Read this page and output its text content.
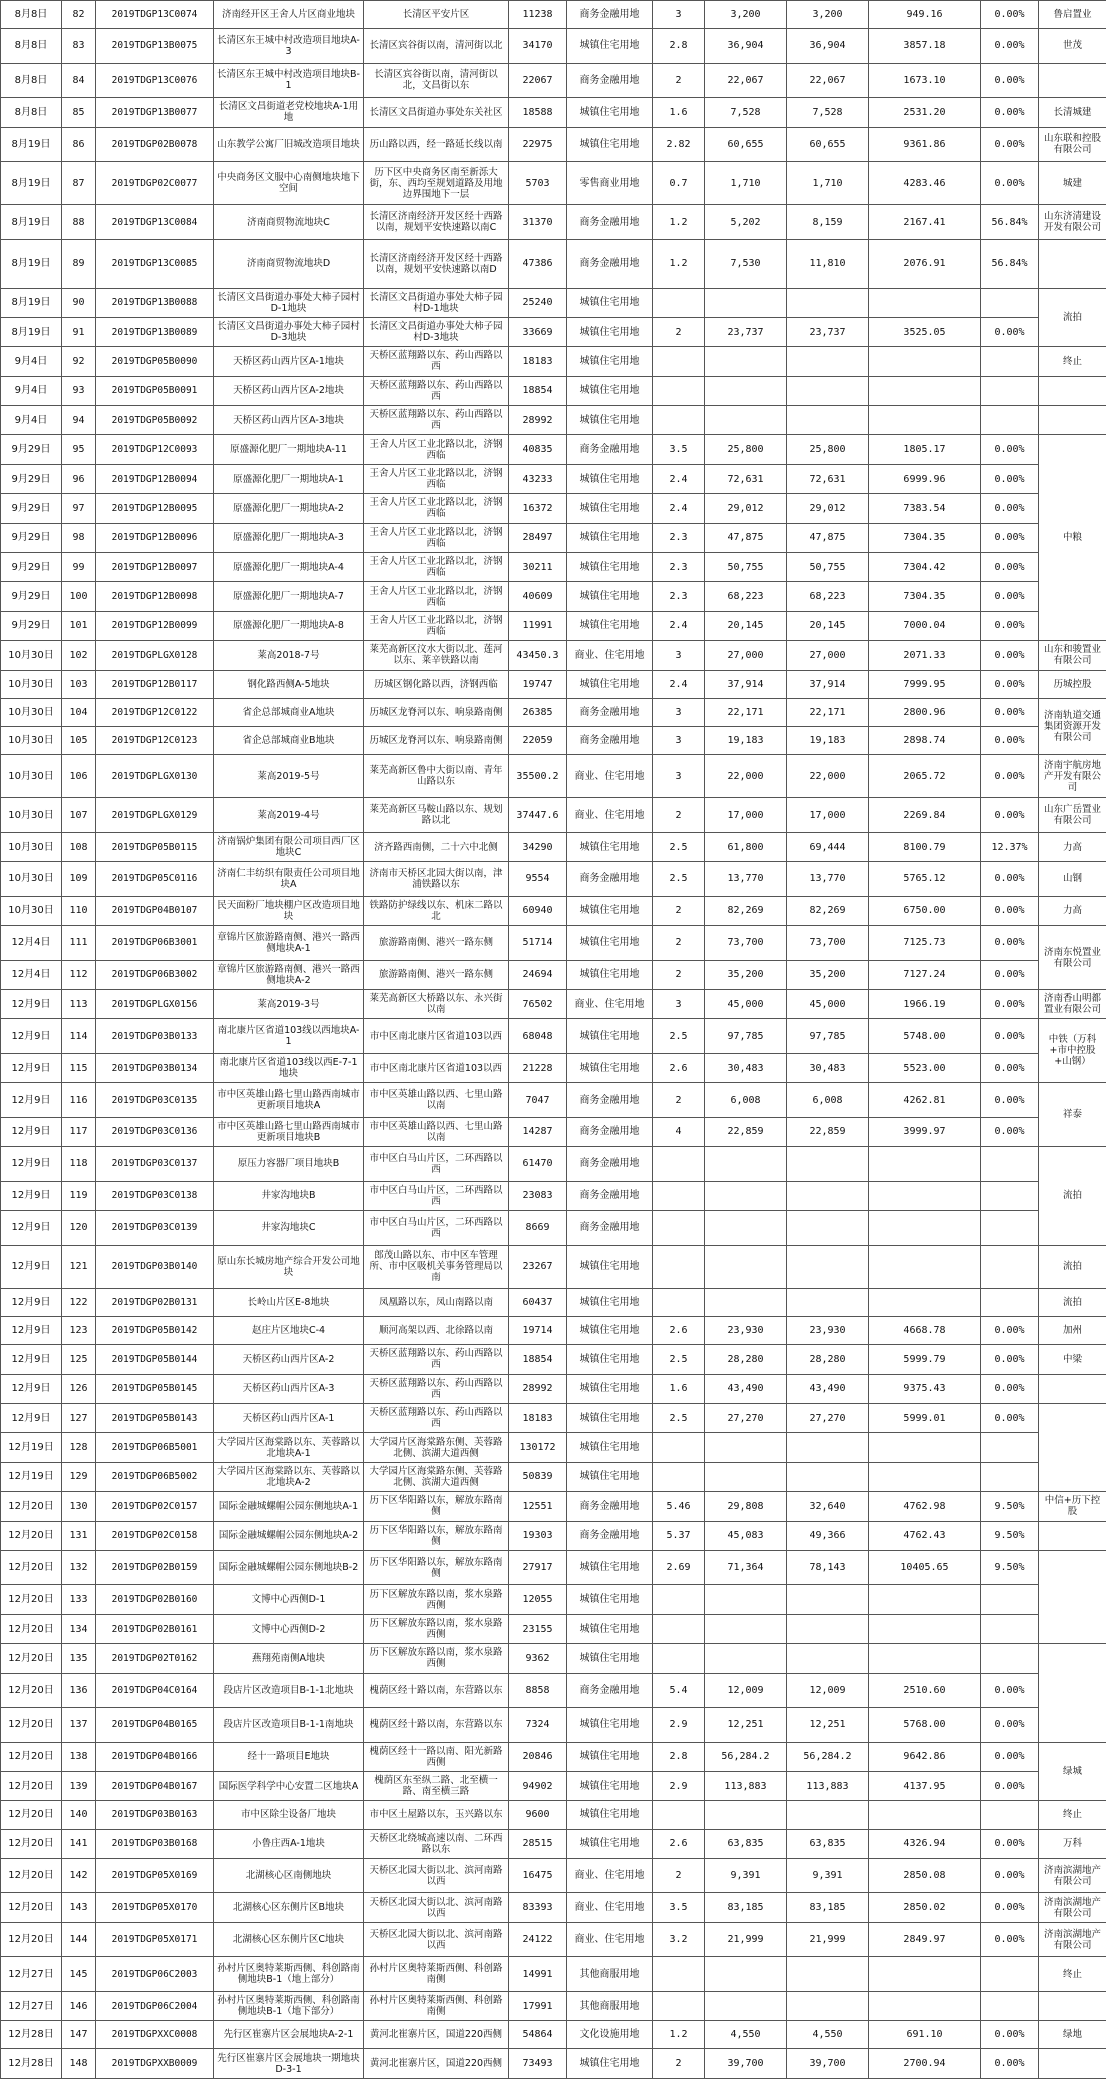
8月8日	82	2019TDGP13C0074	济南经开区王舍人片区商业地块	长清区平安片区	11238	商务金融用地	3	3,200	3,200	949.16	0.00%	鲁启置业
8月8日	83	2019TDGP13B0075	长清区东王城中村改造项目地块A-3	长清区宾谷街以南，清河街以北	34170	城镇住宅用地	2.8	36,904	36,904	3857.18	0.00%	世茂
8月8日	84	2019TDGP13C0076	长清区东王城中村改造项目地块B-1	长清区宾谷街以南，清河街以北，文昌街以东	22067	商务金融用地	2	22,067	22,067	1673.10	0.00%	
8月8日	85	2019TDGP13B0077	长清区文昌街道老党校地块A-1用地	长清区文昌街道办事处东关社区	18588	城镇住宅用地	1.6	7,528	7,528	2531.20	0.00%	长清城建
8月19日	86	2019TDGP02B0078	山东教学公寓厂旧城改造项目地块	历山路以西，经一路延长线以南	22975	城镇住宅用地	2.82	60,655	60,655	9361.86	0.00%	山东联和控股有限公司
8月19日	87	2019TDGP02C0077	中央商务区文服中心南侧地块地下空间	历下区中央商务区南至新泺大街，东、西均至规划道路及用地边界围地下一层	5703	零售商业用地	0.7	1,710	1,710	4283.46	0.00%	城建
8月19日	88	2019TDGP13C0084	济南商贸物流地块C	长清区济南经济开发区经十西路以南，规划平安快速路以南C	31370	商务金融用地	1.2	5,202	8,159	2167.41	56.84%	山东济清建设开发有限公司
8月19日	89	2019TDGP13C0085	济南商贸物流地块D	长清区济南经济开发区经十西路以南，规划平安快速路以南D	47386	商务金融用地	1.2	7,530	11,810	2076.91	56.84%	
8月19日	90	2019TDGP13B0088	长清区文昌街道办事处大柿子园村D-1地块	长清区文昌街道办事处大柿子园村D-1地块	25240	城镇住宅用地						流拍
8月19日	91	2019TDGP13B0089	长清区文昌街道办事处大柿子园村D-3地块	长清区文昌街道办事处大柿子园村D-3地块	33669	城镇住宅用地	2	23,737	23,737	3525.05	0.00%	
9月4日	92	2019TDGP05B0090	天桥区药山西片区A-1地块	天桥区蓝翔路以东、药山西路以西	18183	城镇住宅用地						终止
9月4日	93	2019TDGP05B0091	天桥区药山西片区A-2地块	天桥区蓝翔路以东、药山西路以西	18854	城镇住宅用地						
9月4日	94	2019TDGP05B0092	天桥区药山西片区A-3地块	天桥区蓝翔路以东、药山西路以西	28992	城镇住宅用地						
9月29日	95	2019TDGP12C0093	原盛源化肥厂一期地块A-11	王舍人片区工业北路以北，济钢西临	40835	商务金融用地	3.5	25,800	25,800	1805.17	0.00%	中粮
9月29日	96	2019TDGP12B0094	原盛源化肥厂一期地块A-1	王舍人片区工业北路以北，济钢西临	43233	城镇住宅用地	2.4	72,631	72,631	6999.96	0.00%	
9月29日	97	2019TDGP12B0095	原盛源化肥厂一期地块A-2	王舍人片区工业北路以北，济钢西临	16372	城镇住宅用地	2.4	29,012	29,012	7383.54	0.00%	
9月29日	98	2019TDGP12B0096	原盛源化肥厂一期地块A-3	王舍人片区工业北路以北，济钢西临	28497	城镇住宅用地	2.3	47,875	47,875	7304.35	0.00%	
9月29日	99	2019TDGP12B0097	原盛源化肥厂一期地块A-4	王舍人片区工业北路以北，济钢西临	30211	城镇住宅用地	2.3	50,755	50,755	7304.42	0.00%	
9月29日	100	2019TDGP12B0098	原盛源化肥厂一期地块A-7	王舍人片区工业北路以北，济钢西临	40609	城镇住宅用地	2.3	68,223	68,223	7304.35	0.00%	
9月29日	101	2019TDGP12B0099	原盛源化肥厂一期地块A-8	王舍人片区工业北路以北，济钢西临	11991	城镇住宅用地	2.4	20,145	20,145	7000.04	0.00%	
10月30日	102	2019TDGPLGX0128	莱高2018-7号	莱芜高新区汶水大街以北、莲河以东、莱辛铁路以南	43450.3	商业、住宅用地	3	27,000	27,000	2071.33	0.00%	山东和骏置业有限公司
10月30日	103	2019TDGP12B0117	钢化路西侧A-5地块	历城区钢化路以西，济钢西临	19747	城镇住宅用地	2.4	37,914	37,914	7999.95	0.00%	历城控股
10月30日	104	2019TDGP12C0122	省企总部城商业A地块	历城区龙脊河以东、响泉路南侧	26385	商务金融用地	3	22,171	22,171	2800.96	0.00%	济南轨道交通集团资源开发有限公司
10月30日	105	2019TDGP12C0123	省企总部城商业B地块	历城区龙脊河以东、响泉路南侧	22059	商务金融用地	3	19,183	19,183	2898.74	0.00%	
10月30日	106	2019TDGPLGX0130	莱高2019-5号	莱芜高新区鲁中大街以南、青年山路以东	35500.2	商业、住宅用地	3	22,000	22,000	2065.72	0.00%	济南宇航房地产开发有限公司
10月30日	107	2019TDGPLGX0129	莱高2019-4号	莱芜高新区马鞍山路以东、规划路以北	37447.6	商业、住宅用地	2	17,000	17,000	2269.84	0.00%	山东广岳置业有限公司
10月30日	108	2019TDGP05B0115	济南锅炉集团有限公司项目西厂区地块C	济齐路西南侧，二十六中北侧	34290	城镇住宅用地	2.5	61,800	69,444	8100.79	12.37%	力高
10月30日	109	2019TDGP05C0116	济南仁丰纺织有限责任公司项目地块A	济南市天桥区北园大街以南，津浦铁路以东	9554	商务金融用地	2.5	13,770	13,770	5765.12	0.00%	山钢
10月30日	110	2019TDGP04B0107	民天面粉厂地块棚户区改造项目地块	铁路防护绿线以东、机床二路以北	60940	城镇住宅用地	2	82,269	82,269	6750.00	0.00%	力高
12月4日	111	2019TDGP06B3001	章锦片区旅游路南侧、港兴一路西侧地块A-1	旅游路南侧、港兴一路东侧	51714	城镇住宅用地	2	73,700	73,700	7125.73	0.00%	济南东悦置业有限公司
12月4日	112	2019TDGP06B3002	章锦片区旅游路南侧、港兴一路西侧地块A-2	旅游路南侧、港兴一路东侧	24694	城镇住宅用地	2	35,200	35,200	7127.24	0.00%	
12月9日	113	2019TDGPLGX0156	莱高2019-3号	莱芜高新区大桥路以东、永兴街以南	76502	商业、住宅用地	3	45,000	45,000	1966.19	0.00%	济南香山明都置业有限公司
12月9日	114	2019TDGP03B0133	南北康片区省道103线以西地块A-1	市中区南北康片区省道103以西	68048	城镇住宅用地	2.5	97,785	97,785	5748.00	0.00%	中铁（万科+市中控股+山钢）
12月9日	115	2019TDGP03B0134	南北康片区省道103线以西E-7-1地块	市中区南北康片区省道103以西	21228	城镇住宅用地	2.6	30,483	30,483	5523.00	0.00%	
12月9日	116	2019TDGP03C0135	市中区英雄山路七里山路西南城市更新项目地块A	市中区英雄山路以西、七里山路以南	7047	商务金融用地	2	6,008	6,008	4262.81	0.00%	祥泰
12月9日	117	2019TDGP03C0136	市中区英雄山路七里山路西南城市更新项目地块B	市中区英雄山路以西、七里山路以南	14287	商务金融用地	4	22,859	22,859	3999.97	0.00%	
12月9日	118	2019TDGP03C0137	原压力容器厂项目地块B	市中区白马山片区，二环西路以西	61470	商务金融用地						流拍
12月9日	119	2019TDGP03C0138	井家沟地块B	市中区白马山片区，二环西路以西	23083	商务金融用地						
12月9日	120	2019TDGP03C0139	井家沟地块C	市中区白马山片区，二环西路以西	8669	商务金融用地						
12月9日	121	2019TDGP03B0140	原山东长城房地产综合开发公司地块	郎茂山路以东、市中区车管理所、市中区吸机关事务管理局以南	23267	城镇住宅用地						流拍
12月9日	122	2019TDGP02B0131	长岭山片区E-8地块	凤凰路以东，凤山南路以南	60437	城镇住宅用地						流拍
12月9日	123	2019TDGP05B0142	赵庄片区地块C-4	顺河高架以西、北徐路以南	19714	城镇住宅用地	2.6	23,930	23,930	4668.78	0.00%	加州
12月9日	125	2019TDGP05B0144	天桥区药山西片区A-2	天桥区蓝翔路以东、药山西路以西	18854	城镇住宅用地	2.5	28,280	28,280	5999.79	0.00%	中梁
12月9日	126	2019TDGP05B0145	天桥区药山西片区A-3	天桥区蓝翔路以东、药山西路以西	28992	城镇住宅用地	1.6	43,490	43,490	9375.43	0.00%	
12月9日	127	2019TDGP05B0143	天桥区药山西片区A-1	天桥区蓝翔路以东、药山西路以西	18183	城镇住宅用地	2.5	27,270	27,270	5999.01	0.00%	
12月19日	128	2019TDGP06B5001	大学园片区海棠路以东、芙蓉路以北地块A-1	大学园片区海棠路东侧、芙蓉路北侧、滨湖大道西侧	130172	城镇住宅用地						
12月19日	129	2019TDGP06B5002	大学园片区海棠路以东、芙蓉路以北地块A-2	大学园片区海棠路东侧、芙蓉路北侧、滨湖大道西侧	50839	城镇住宅用地						
12月20日	130	2019TDGP02C0157	国际金融城螺帽公园东侧地块A-1	历下区华阳路以东，解放东路南侧	12551	商务金融用地	5.46	29,808	32,640	4762.98	9.50%	中信+历下控股
12月20日	131	2019TDGP02C0158	国际金融城螺帽公园东侧地块A-2	历下区华阳路以东，解放东路南侧	19303	商务金融用地	5.37	45,083	49,366	4762.43	9.50%	
12月20日	132	2019TDGP02B0159	国际金融城螺帽公园东侧地块B-2	历下区华阳路以东，解放东路南侧	27917	城镇住宅用地	2.69	71,364	78,143	10405.65	9.50%	
12月20日	133	2019TDGP02B0160	文博中心西侧D-1	历下区解放东路以南，浆水泉路西侧	12055	城镇住宅用地						
12月20日	134	2019TDGP02B0161	文博中心西侧D-2	历下区解放东路以南，浆水泉路西侧	23155	城镇住宅用地						
12月20日	135	2019TDGP02T0162	燕翔苑南侧A地块	历下区解放东路以南，浆水泉路西侧	9362	城镇住宅用地						
12月20日	136	2019TDGP04C0164	段店片区改造项目B-1-1北地块	槐荫区经十路以南，东营路以东	8858	商务金融用地	5.4	12,009	12,009	2510.60	0.00%	
12月20日	137	2019TDGP04B0165	段店片区改造项目B-1-1南地块	槐荫区经十路以南，东营路以东	7324	城镇住宅用地	2.9	12,251	12,251	5768.00	0.00%	
12月20日	138	2019TDGP04B0166	经十一路项目E地块	槐荫区经十一路以南、阳光新路西侧	20846	城镇住宅用地	2.8	56,284.2	56,284.2	9642.86	0.00%	绿城
12月20日	139	2019TDGP04B0167	国际医学科学中心安置二区地块A	槐荫区东至纵二路、北至横一路、南至横三路	94902	城镇住宅用地	2.9	113,883	113,883	4137.95	0.00%	
12月20日	140	2019TDGP03B0163	市中区除尘设备厂地块	市中区土屋路以东，玉兴路以东	9600	城镇住宅用地						终止
12月20日	141	2019TDGP03B0168	小鲁庄西A-1地块	天桥区北绕城高速以南、二环西路以东	28515	城镇住宅用地	2.6	63,835	63,835	4326.94	0.00%	万科
12月20日	142	2019TDGP05X0169	北湖核心区南侧地块	天桥区北园大街以北、滨河南路以西	16475	商业、住宅用地	2	9,391	9,391	2850.08	0.00%	济南滨湖地产有限公司
12月20日	143	2019TDGP05X0170	北湖核心区东侧片区B地块	天桥区北园大街以北、滨河南路以西	83393	商业、住宅用地	3.5	83,185	83,185	2850.02	0.00%	济南滨湖地产有限公司
12月20日	144	2019TDGP05X0171	北湖核心区东侧片区C地块	天桥区北园大街以北、滨河南路以西	24122	商业、住宅用地	3.2	21,999	21,999	2849.97	0.00%	济南滨湖地产有限公司
12月27日	145	2019TDGP06C2003	孙村片区奥特莱斯西侧、科创路南侧地块B-1（地上部分）	孙村片区奥特莱斯西侧、科创路南侧	14991	其他商服用地						终止
12月27日	146	2019TDGP06C2004	孙村片区奥特莱斯西侧、科创路南侧地块B-1（地下部分）	孙村片区奥特莱斯西侧、科创路南侧	17991	其他商服用地						
12月28日	147	2019TDGPXXC0008	先行区崔寨片区会展地块A-2-1	黄河北崔寨片区，国道220西侧	54864	文化设施用地	1.2	4,550	4,550	691.10	0.00%	绿地
12月28日	148	2019TDGPXXB0009	先行区崔寨片区会展地块一期地块D-3-1	黄河北崔寨片区，国道220西侧	73493	城镇住宅用地	2	39,700	39,700	2700.94	0.00%	
